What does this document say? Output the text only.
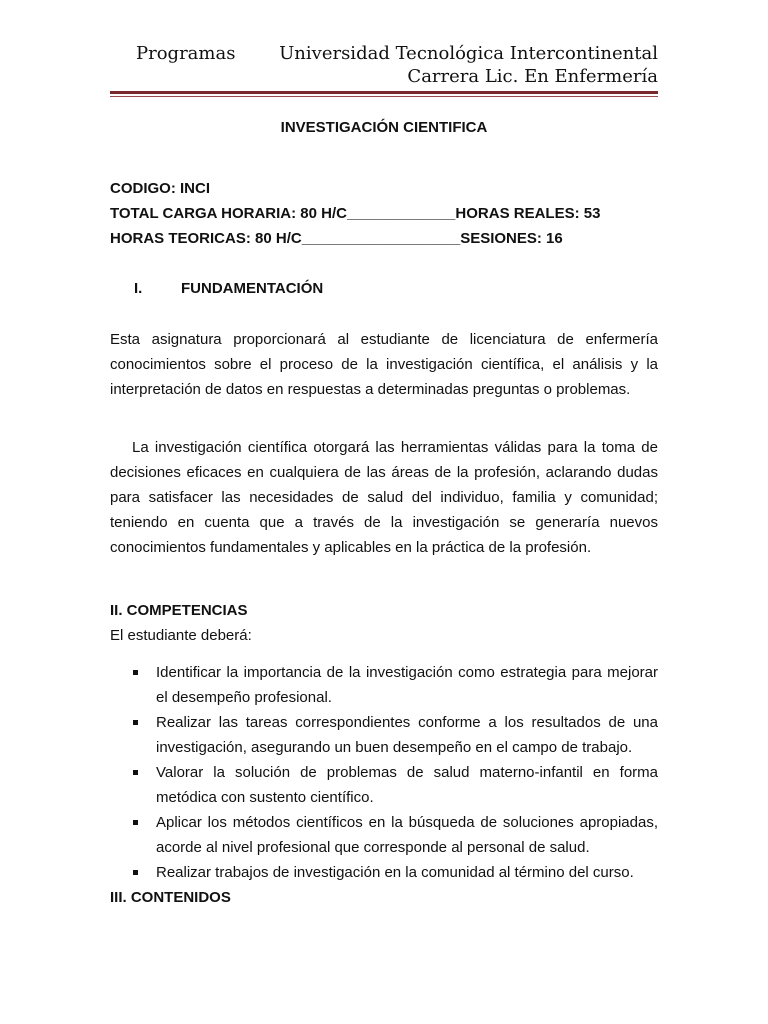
Programas Universidad Tecnológica Intercontinental
Carrera Lic. En Enfermería
INVESTIGACIÓN CIENTIFICA
CODIGO: INCI
TOTAL CARGA HORARIA: 80 H/C_____________HORAS REALES: 53
HORAS TEORICAS: 80 H/C___________________SESIONES: 16
I.	FUNDAMENTACIÓN

Esta asignatura proporcionará al estudiante de licenciatura de enfermería conocimientos sobre el proceso de la investigación científica, el análisis y la interpretación de datos en respuestas a determinadas preguntas o problemas.

La investigación científica otorgará las herramientas válidas para la toma de decisiones eficaces en cualquiera de las áreas de la profesión, aclarando dudas para satisfacer las necesidades de salud del individuo, familia y comunidad; teniendo en cuenta que a través de la investigación se generaría nuevos conocimientos fundamentales y aplicables en la práctica de la profesión.

II. COMPETENCIAS
El estudiante deberá:
Identificar la importancia de la investigación como estrategia para mejorar el desempeño profesional.
Realizar las tareas correspondientes conforme a los resultados de una investigación, asegurando un buen desempeño en el campo de trabajo.
Valorar la solución de problemas de salud materno-infantil en forma metódica con sustento científico.
Aplicar los métodos científicos en la búsqueda de soluciones apropiadas, acorde al nivel profesional que corresponde al personal de salud.
Realizar trabajos de investigación en la comunidad al término del curso.
III. CONTENIDOS
